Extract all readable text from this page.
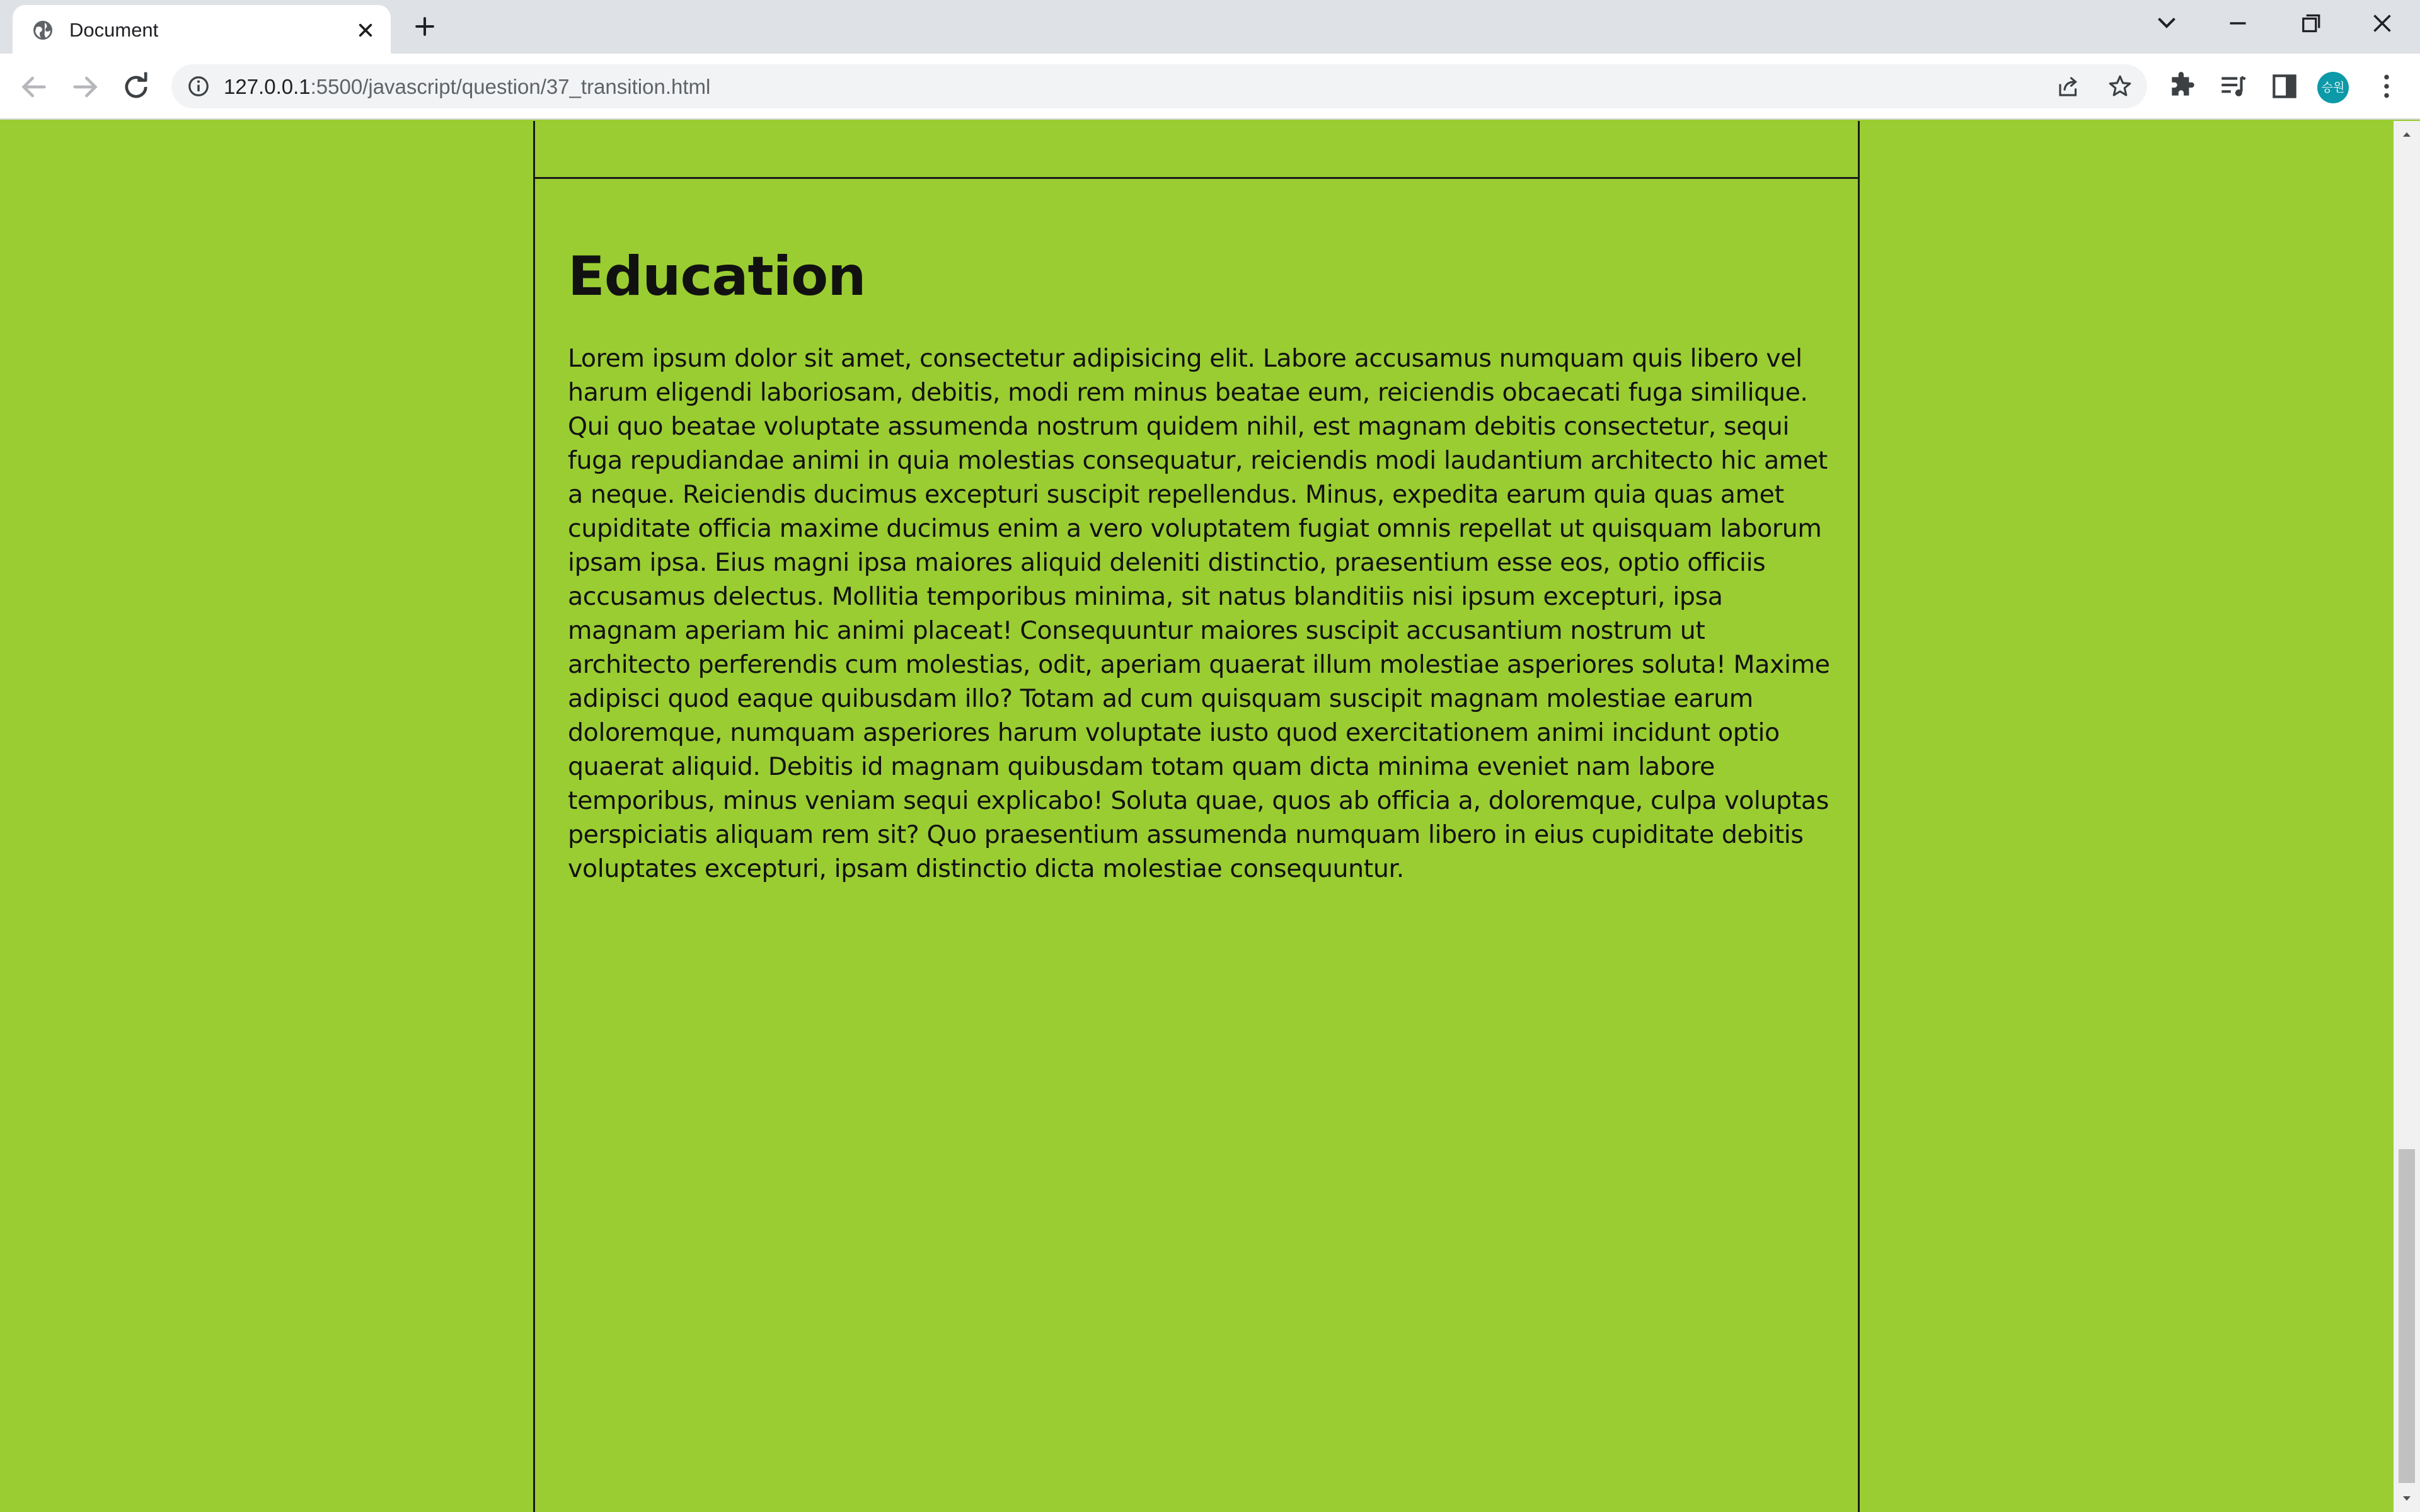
Document
127.0.0.1:5500/javascript/question/37_transition.html	승원
Education

Lorem ipsum dolor sit amet, consectetur adipisicing elit. Labore accusamus numquam quis libero vel harum eligendi laboriosam, debitis, modi rem minus beatae eum, reiciendis obcaecati fuga similique. Qui quo beatae voluptate assumenda nostrum quidem nihil, est magnam debitis consectetur, sequi fuga repudiandae animi in quia molestias consequatur, reiciendis modi laudantium architecto hic amet a neque. Reiciendis ducimus excepturi suscipit repellendus. Minus, expedita earum quia quas amet cupiditate officia maxime ducimus enim a vero voluptatem fugiat omnis repellat ut quisquam laborum ipsam ipsa. Eius magni ipsa maiores aliquid deleniti distinctio, praesentium esse eos, optio officiis accusamus delectus. Mollitia temporibus minima, sit natus blanditiis nisi ipsum excepturi, ipsa magnam aperiam hic animi placeat! Consequuntur maiores suscipit accusantium nostrum ut architecto perferendis cum molestias, odit, aperiam quaerat illum molestiae asperiores soluta! Maxime adipisci quod eaque quibusdam illo? Totam ad cum quisquam suscipit magnam molestiae earum doloremque, numquam asperiores harum voluptate iusto quod exercitationem animi incidunt optio quaerat aliquid. Debitis id magnam quibusdam totam quam dicta minima eveniet nam labore temporibus, minus veniam sequi explicabo! Soluta quae, quos ab officia a, doloremque, culpa voluptas perspiciatis aliquam rem sit? Quo praesentium assumenda numquam libero in eius cupiditate debitis voluptates excepturi, ipsam distinctio dicta molestiae consequuntur.
